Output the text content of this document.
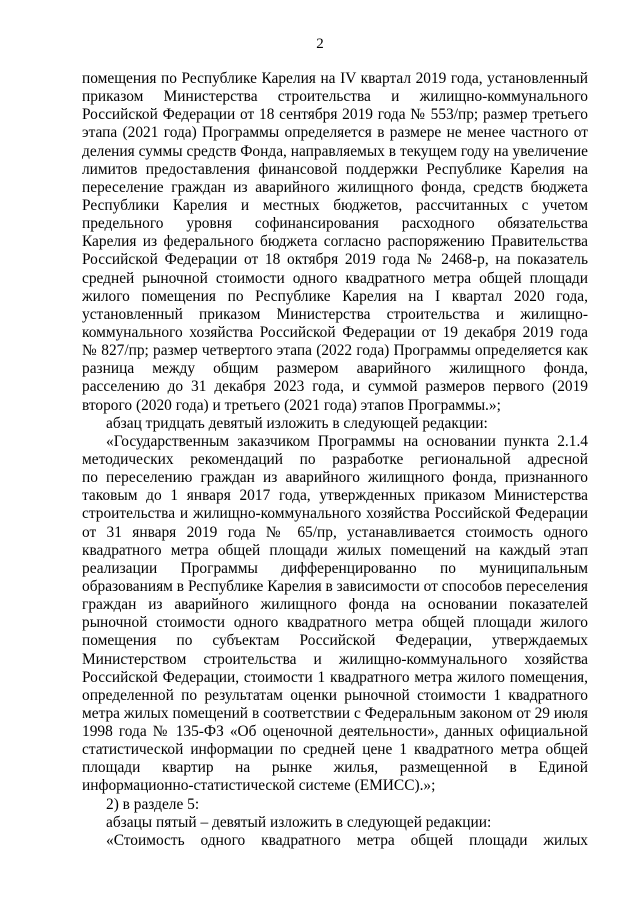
2
помещения по Республике Карелия на IV квартал 2019 года, установленный
приказом Министерства строительства и жилищно-коммунального
Российской Федерации от 18 сентября 2019 года № 553/пр; размер третьего
этапа (2021 года) Программы определяется в размере не менее частного от
деления суммы средств Фонда, направляемых в текущем году на увеличение
лимитов предоставления финансовой поддержки Республике Карелия на
переселение граждан из аварийного жилищного фонда, средств бюджета
Республики Карелия и местных бюджетов, рассчитанных с учетом
предельного уровня софинансирования расходного обязательства
Карелия из федерального бюджета согласно распоряжению Правительства
Российской Федерации от 18 октября 2019 года № 2468-р, на показатель
средней рыночной стоимости одного квадратного метра общей площади
жилого помещения по Республике Карелия на I квартал 2020 года,
установленный приказом Министерства строительства и жилищно-
коммунального хозяйства Российской Федерации от 19 декабря 2019 года
№ 827/пр; размер четвертого этапа (2022 года) Программы определяется как
разница между общим размером аварийного жилищного фонда,
расселению до 31 декабря 2023 года, и суммой размеров первого (2019
второго (2020 года) и третьего (2021 года) этапов Программы.»;
абзац тридцать девятый изложить в следующей редакции:
«Государственным заказчиком Программы на основании пункта 2.1.4
методических рекомендаций по разработке региональной адресной
по переселению граждан из аварийного жилищного фонда, признанного
таковым до 1 января 2017 года, утвержденных приказом Министерства
строительства и жилищно-коммунального хозяйства Российской Федерации
от 31 января 2019 года № 65/пр, устанавливается стоимость одного
квадратного метра общей площади жилых помещений на каждый этап
реализации Программы дифференцированно по муниципальным
образованиям в Республике Карелия в зависимости от способов переселения
граждан из аварийного жилищного фонда на основании показателей
рыночной стоимости одного квадратного метра общей площади жилого
помещения по субъектам Российской Федерации, утверждаемых
Министерством строительства и жилищно-коммунального хозяйства
Российской Федерации, стоимости 1 квадратного метра жилого помещения,
определенной по результатам оценки рыночной стоимости 1 квадратного
метра жилых помещений в соответствии с Федеральным законом от 29 июля
1998 года № 135-ФЗ «Об оценочной деятельности», данных официальной
статистической информации по средней цене 1 квадратного метра общей
площади квартир на рынке жилья, размещенной в Единой
информационно-статистической системе (ЕМИСС).»;
2) в разделе 5:
абзацы пятый – девятый изложить в следующей редакции:
«Стоимость одного квадратного метра общей площади жилых
